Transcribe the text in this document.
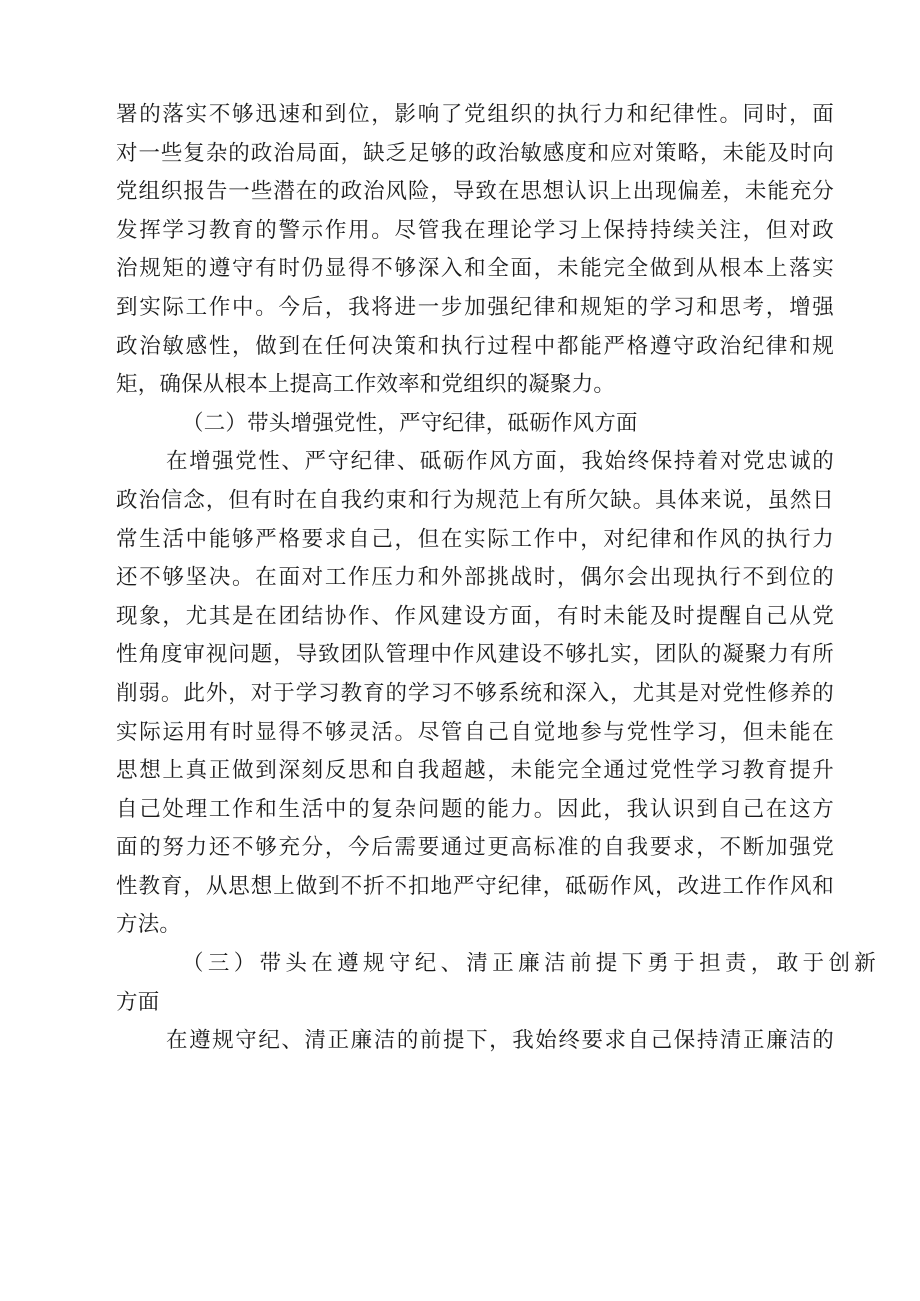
署的落实不够迅速和到位，影响了党组织的执行力和纪律性。同时，面
对一些复杂的政治局面，缺乏足够的政治敏感度和应对策略，未能及时向
党组织报告一些潜在的政治风险，导致在思想认识上出现偏差，未能充分
发挥学习教育的警示作用。尽管我在理论学习上保持持续关注，但对政
治规矩的遵守有时仍显得不够深入和全面，未能完全做到从根本上落实
到实际工作中。今后，我将进一步加强纪律和规矩的学习和思考，增强
政治敏感性，做到在任何决策和执行过程中都能严格遵守政治纪律和规
矩，确保从根本上提高工作效率和党组织的凝聚力。
（二）带头增强党性，严守纪律，砥砺作风方面
在增强党性、严守纪律、砥砺作风方面，我始终保持着对党忠诚的
政治信念，但有时在自我约束和行为规范上有所欠缺。具体来说，虽然日
常生活中能够严格要求自己，但在实际工作中，对纪律和作风的执行力
还不够坚决。在面对工作压力和外部挑战时，偶尔会出现执行不到位的
现象，尤其是在团结协作、作风建设方面，有时未能及时提醒自己从党
性角度审视问题，导致团队管理中作风建设不够扎实，团队的凝聚力有所
削弱。此外，对于学习教育的学习不够系统和深入，尤其是对党性修养的
实际运用有时显得不够灵活。尽管自己自觉地参与党性学习，但未能在
思想上真正做到深刻反思和自我超越，未能完全通过党性学习教育提升
自己处理工作和生活中的复杂问题的能力。因此，我认识到自己在这方
面的努力还不够充分，今后需要通过更高标准的自我要求，不断加强党
性教育，从思想上做到不折不扣地严守纪律，砥砺作风，改进工作作风和
方法。
（三）带头在遵规守纪、清正廉洁前提下勇于担责，敢于创新
方面
在遵规守纪、清正廉洁的前提下，我始终要求自己保持清正廉洁的
